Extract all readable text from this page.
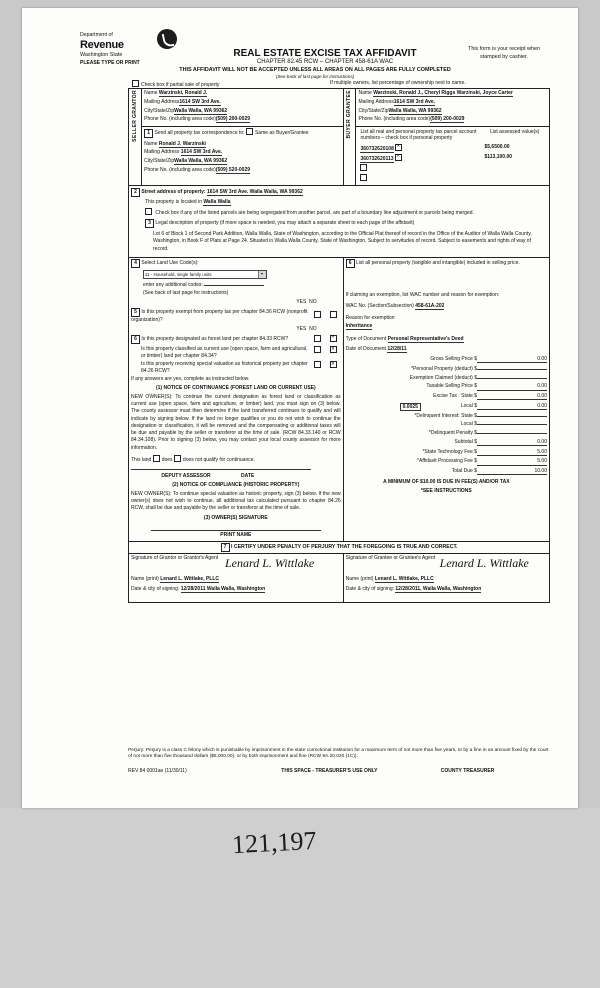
Department of
Revenue
Washington State	REAL ESTATE EXCISE TAX AFFIDAVIT
CHAPTER 82.45 RCW – CHAPTER 458-61A WAC
THIS AFFIDAVIT WILL NOT BE ACCEPTED UNLESS ALL AREAS ON ALL PAGES ARE FULLY COMPLETED
(See back of last page for instructions)
PLEASE TYPE OR PRINT
This form is your receipt when stamped by cashier.
Check box if partial sale of property	If multiple owners, list percentage of ownership next to name.
SELLER GRANTOR	Name Warzinski, Ronald J.
Mailing Address1614 SW 3rd Ave.
City/State/ZipWalla Walla, WA 99362
Phone No. (including area code)(509) 200-0029	BUYER GRANTEE	Name Warzinski, Ronald J., Cheryl Riggs Warzinski, Joyce Carter
Mailing Address1614 SW 3rd Ave.
City/State/ZipWalla Walla, WA 99362
Phone No. (including area code)(509) 200-0029

1 Send all property tax correspondence to: Same as Buyer/Grantee
Name Ronald J. Warzinski
Mailing Address 1614 SW 3rd Ave.
City/State/ZipWalla Walla, WA 99362
Phone No. (including area code)(509) 520-0029

List all real and personal property tax parcel account numbers – check box if personal property	List assessed value(s)
360732620108 ✕	$5,6500.00
360732620113 ✕	$113,100.00

2 Street address of property: 1614 SW 3rd Ave. Walla Walla, WA 99362
This property is located in Walla Walla
Check box if any of the listed parcels are being segregated from another parcel, are part of a boundary line adjustment or parcels being merged.
3 Legal description of property (if more space is needed, you may attach a separate sheet to each page of the affidavit)
Lot 6 of Block 1 of Second Park Addition, Walla Walla, State of Washington, according to the Official Plat thereof of record in the Office of the Auditor of Walla Walla County, Washington, in Book F of Plats at Page 24. Situated in Walla Walla County, State of Washington. Subject to servitudes of record. Subject to easements and rights of way of record.

4 Select Land Use Code(s):
11 - Household, single family units
▼
enter any additional codes:
(See back of last page for instructions)
YES NO
5 Is this property exempt from property tax per chapter 84.36 RCW (nonprofit organization)?
YES NO
6 Is this property designated as forest land per chapter 84.33 RCW?
✕
Is this property classified as current use (open space, farm and agricultural, or timber) land per chapter 84.34?
✕
Is this property receiving special valuation as historical property per chapter 84.26 RCW?
✕
If any answers are yes, complete as instructed below.
(1) NOTICE OF CONTINUANCE (FOREST LAND OR CURRENT USE)
NEW OWNER(S): To continue the current designation as forest land or classification as current use (open space, farm and agriculture, or timber) land, you must sign on (3) below. The county assessor must then determine if the land transferred continues to qualify and will indicate by signing below. If the land no longer qualifies or you do not wish to continue the designation or classification, it will be removed and the compensating or additional taxes will be due and payable by the seller or transferor at the time of sale. (RCW 84.33.140 or RCW 84.34.108). Prior to signing (3) below, you may contact your local county assessor for more information.
This land does does not qualify for continuance.
DEPUTY ASSESSOR	DATE
(2) NOTICE OF COMPLIANCE (HISTORIC PROPERTY)
NEW OWNER(S): To continue special valuation as historic property, sign (3) below. If the new owner(s) does not wish to continue, all additional tax calculated pursuant to chapter 84.26 RCW, shall be due and payable by the seller or transferor at the time of sale.
(3) OWNER(S) SIGNATURE
PRINT NAME

6 List all personal property (tangible and intangible) included in selling price.
If claiming an exemption, list WAC number and reason for exemption:
WAC No. (Section/Subsection) 458-61A-202
Reason for exemption
Inheritance
Type of Document Personal Representative's Deed
Date of Document 12/28/11
Gross Selling Price $	0.00
*Personal Property (deduct) $
Exemption Claimed (deduct) $
Taxable Selling Price $	0.00
Excise Tax : State $	0.00
0.0025	Local $	0.00
*Delinquent Interest: State $
Local $
*Delinquent Penalty $
Subtotal $	0.00
*State Technology Fee $	5.00
*Affidavit Processing Fee $	5.00
Total Due $	10.00
A MINIMUM OF $10.00 IS DUE IN FEE(S) AND/OR TAX
*SEE INSTRUCTIONS

7 I CERTIFY UNDER PENALTY OF PERJURY THAT THE FOREGOING IS TRUE AND CORRECT.

Signature of Grantor or Grantor's Agent Lenard L. Wittlake
Name (print) Lenard L. Wittlake, PLLC
Date & city of signing: 12/28/2011 Walla Walla, Washington

Signature of Grantee or Grantee's Agent Lenard L. Wittlake
Name (print) Lenard L. Wittlake, PLLC
Date & city of signing: 12/28/2011, Walla Walla, Washington
Perjury: Perjury is a class C felony which is punishable by imprisonment in the state correctional institution for a maximum term of not more than five years, or by a fine in an amount fixed by the court of not more than five thousand dollars ($5,000.00), or by both imprisonment and fine (RCW 9A.20.020 (1C)).
REV 84 0001ae (11/30/11)	THIS SPACE - TREASURER'S USE ONLY	COUNTY TREASURER
121,197
